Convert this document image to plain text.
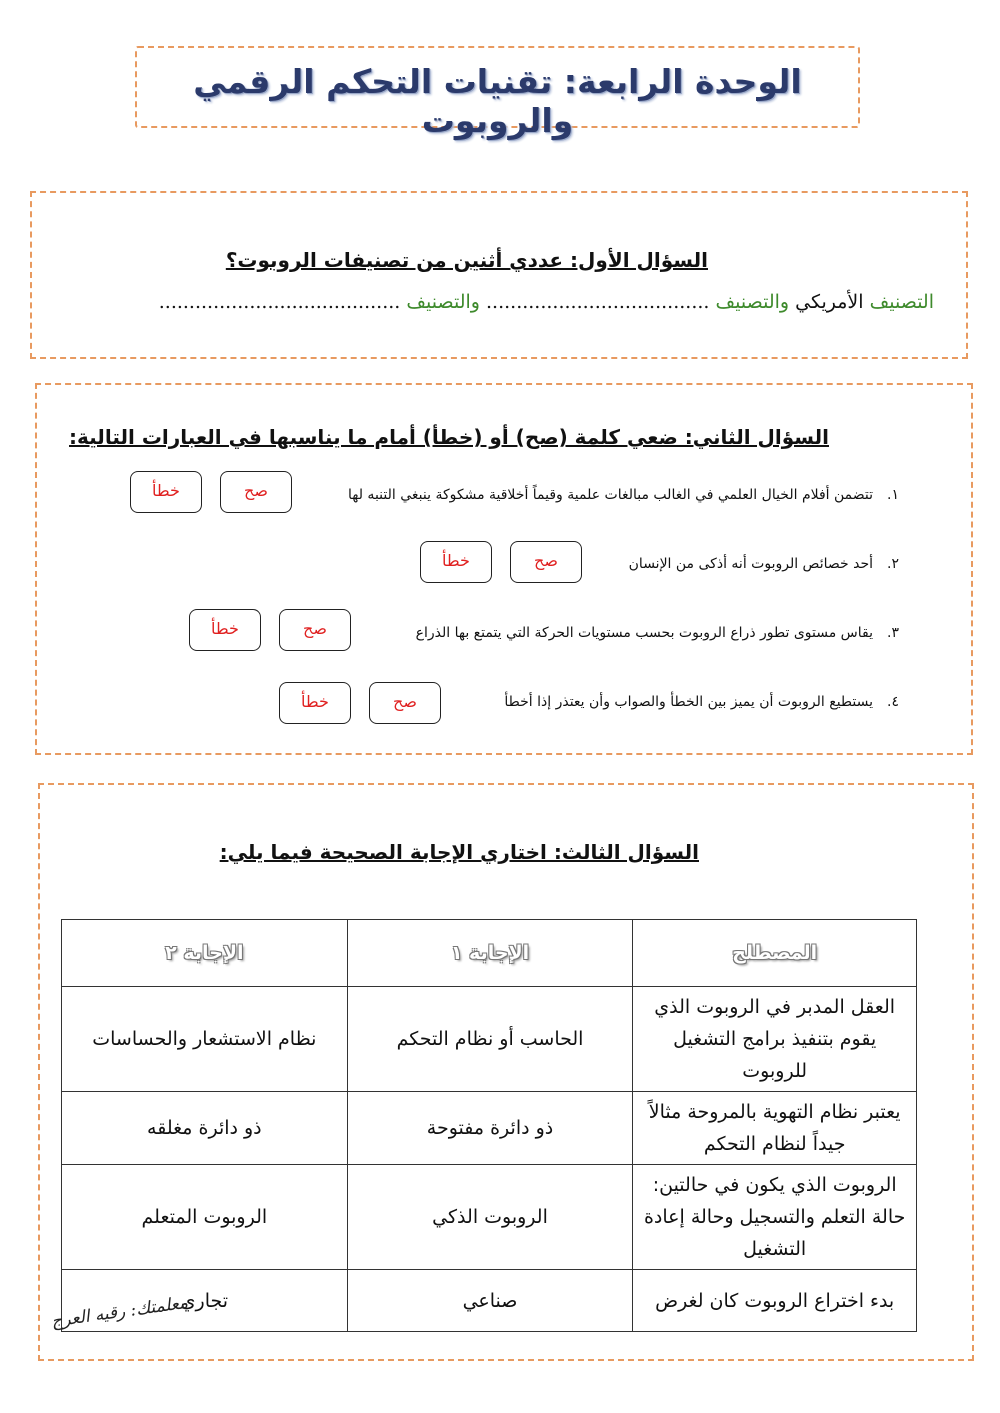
الوحدة الرابعة: تقنيات التحكم الرقمي والروبوت
السؤال الأول: عددي أثنين من تصنيفات الروبوت؟
التصنيف الأمريكي والتصنيف ..................................... والتصنيف ........................................
السؤال الثاني: ضعي كلمة (صح) أو (خطأ) أمام ما يناسبها في العبارات التالية:
١.تتضمن أفلام الخيال العلمي في الغالب مبالغات علمية وقيماً أخلاقية مشكوكة ينبغي التنبه لها
صح
خطأ
٢.أحد خصائص الروبوت أنه أذكى من الإنسان
صح
خطأ
٣.يقاس مستوى تطور ذراع الروبوت بحسب مستويات الحركة التي يتمتع بها الذراع
صح
خطأ
٤.يستطيع الروبوت أن يميز بين الخطأ والصواب وأن يعتذر إذا أخطأ
صح
خطأ
السؤال الثالث: اختاري الإجابة الصحيحة فيما يلي:
المصطلح	الإجابة ١	الإجابة ٢
العقل المدبر في الروبوت الذي يقوم بتنفيذ برامج التشغيل للروبوت	الحاسب أو نظام التحكم	نظام الاستشعار والحساسات
يعتبر نظام التهوية بالمروحة مثالاً جيداً لنظام التحكم	ذو دائرة مفتوحة	ذو دائرة مغلقه
الروبوت الذي يكون في حالتين: حالة التعلم والتسجيل وحالة إعادة التشغيل	الروبوت الذكي	الروبوت المتعلم
بدء اختراع الروبوت كان لغرض	صناعي	تجاري
معلمتك: رقيه العرج
